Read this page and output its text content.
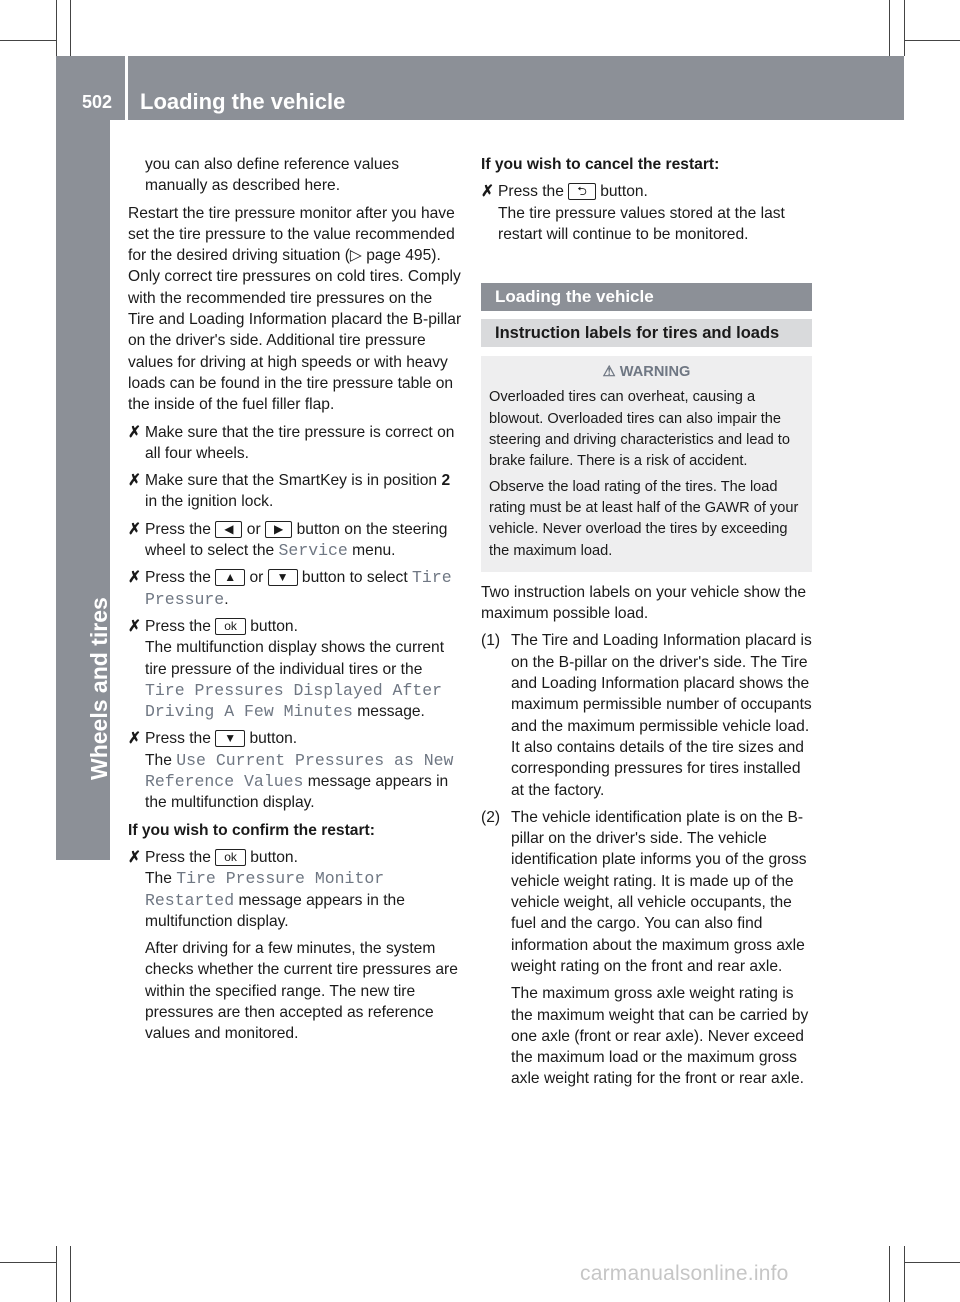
502 Loading the vehicle
Wheels and tires

you can also define reference values manually as described here.

Restart the tire pressure monitor after you have set the tire pressure to the value recommended for the desired driving situation (▷ page 495). Only correct tire pressures on cold tires. Comply with the recommended tire pressures on the Tire and Loading Information placard the B-pillar on the driver's side. Additional tire pressure values for driving at high speeds or with heavy loads can be found in the tire pressure table on the inside of the fuel filler flap.

✗ Make sure that the tire pressure is correct on all four wheels.
✗ Make sure that the SmartKey is in position 2 in the ignition lock.
✗ Press the ◀ or ▶ button on the steering wheel to select the Service menu.
✗ Press the ▲ or ▼ button to select Tire Pressure.
✗ Press the ok button.
The multifunction display shows the current tire pressure of the individual tires or the Tire Pressures Displayed After Driving A Few Minutes message.
✗ Press the ▼ button.
The Use Current Pressures as New Reference Values message appears in the multifunction display.

If you wish to confirm the restart:

✗ Press the ok button.
The Tire Pressure Monitor Restarted message appears in the multifunction display.
After driving for a few minutes, the system checks whether the current tire pressures are within the specified range. The new tire pressures are then accepted as reference values and monitored.

If you wish to cancel the restart:

✗ Press the ⮌ button.
The tire pressure values stored at the last restart will continue to be monitored.
Loading the vehicle
Instruction labels for tires and loads

⚠ WARNING

Overloaded tires can overheat, causing a blowout. Overloaded tires can also impair the steering and driving characteristics and lead to brake failure. There is a risk of accident.

Observe the load rating of the tires. The load rating must be at least half of the GAWR of your vehicle. Never overload the tires by exceeding the maximum load.

Two instruction labels on your vehicle show the maximum possible load.

(1) The Tire and Loading Information placard is on the B-pillar on the driver's side. The Tire and Loading Information placard shows the maximum permissible number of occupants and the maximum permissible vehicle load. It also contains details of the tire sizes and corresponding pressures for tires installed at the factory.
(2) The vehicle identification plate is on the B-pillar on the driver's side. The vehicle identification plate informs you of the gross vehicle weight rating. It is made up of the vehicle weight, all vehicle occupants, the fuel and the cargo. You can also find information about the maximum gross axle weight rating on the front and rear axle.
The maximum gross axle weight rating is the maximum weight that can be carried by one axle (front or rear axle). Never exceed the maximum load or the maximum gross axle weight rating for the front or rear axle.
carmanualsonline.info
